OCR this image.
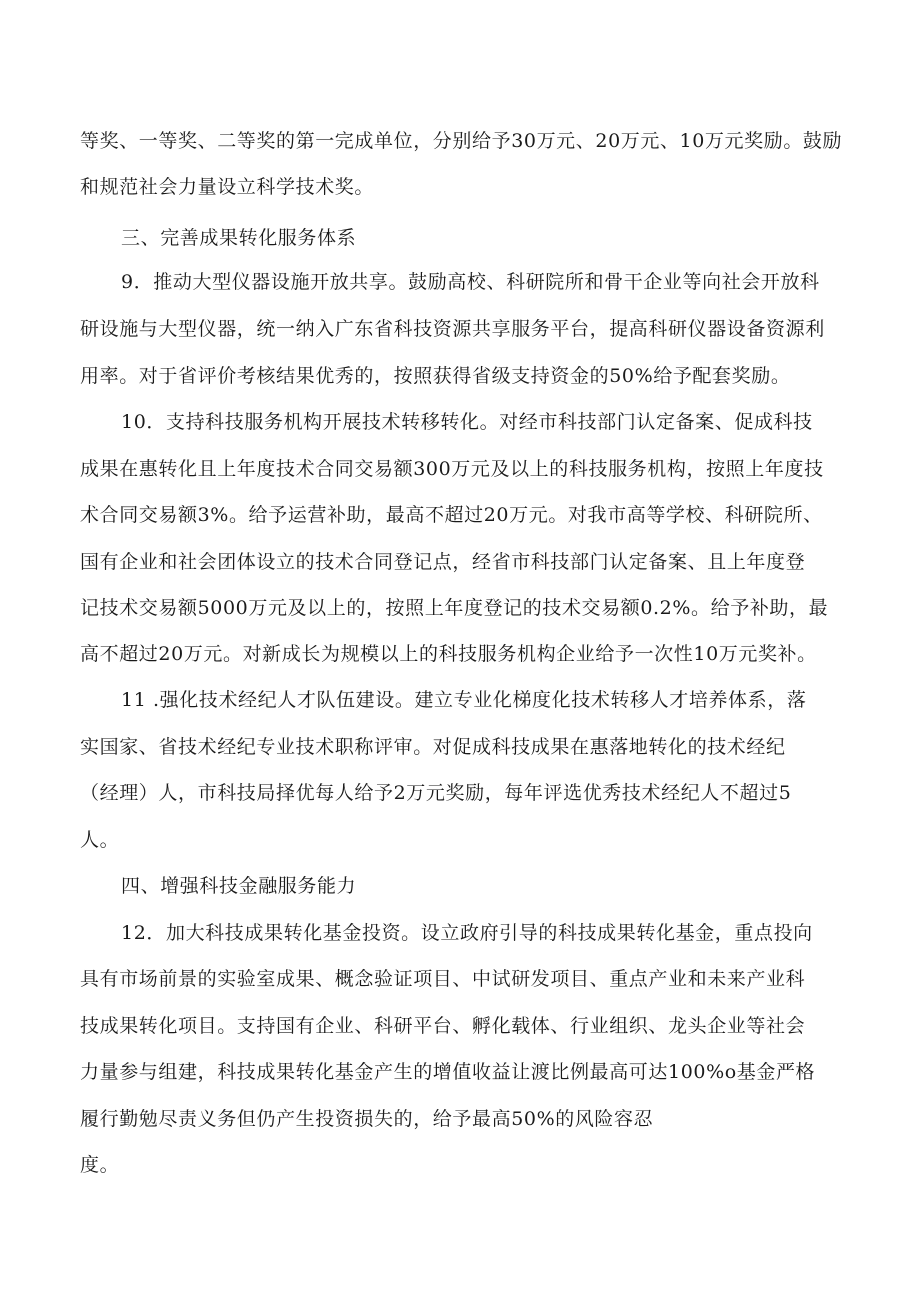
等奖、一等奖、二等奖的第一完成单位，分别给予30万元、20万元、10万元奖励。鼓励
和规范社会力量设立科学技术奖。
三、完善成果转化服务体系
9．推动大型仪器设施开放共享。鼓励高校、科研院所和骨干企业等向社会开放科
研设施与大型仪器，统一纳入广东省科技资源共享服务平台，提高科研仪器设备资源利
用率。对于省评价考核结果优秀的，按照获得省级支持资金的50%给予配套奖励。
10．支持科技服务机构开展技术转移转化。对经市科技部门认定备案、促成科技
成果在惠转化且上年度技术合同交易额300万元及以上的科技服务机构，按照上年度技
术合同交易额3%。给予运营补助，最高不超过20万元。对我市高等学校、科研院所、
国有企业和社会团体设立的技术合同登记点，经省市科技部门认定备案、且上年度登
记技术交易额5000万元及以上的，按照上年度登记的技术交易额0.2%。给予补助，最
高不超过20万元。对新成长为规模以上的科技服务机构企业给予一次性10万元奖补。
11 .强化技术经纪人才队伍建设。建立专业化梯度化技术转移人才培养体系，落
实国家、省技术经纪专业技术职称评审。对促成科技成果在惠落地转化的技术经纪
（经理）人，市科技局择优每人给予2万元奖励，每年评选优秀技术经纪人不超过5
人。
四、增强科技金融服务能力
12．加大科技成果转化基金投资。设立政府引导的科技成果转化基金，重点投向
具有市场前景的实验室成果、概念验证项目、中试研发项目、重点产业和未来产业科
技成果转化项目。支持国有企业、科研平台、孵化载体、行业组织、龙头企业等社会
力量参与组建，科技成果转化基金产生的增值收益让渡比例最高可达100%o基金严格
履行勤勉尽责义务但仍产生投资损失的，给予最高50%的风险容忍
度。
